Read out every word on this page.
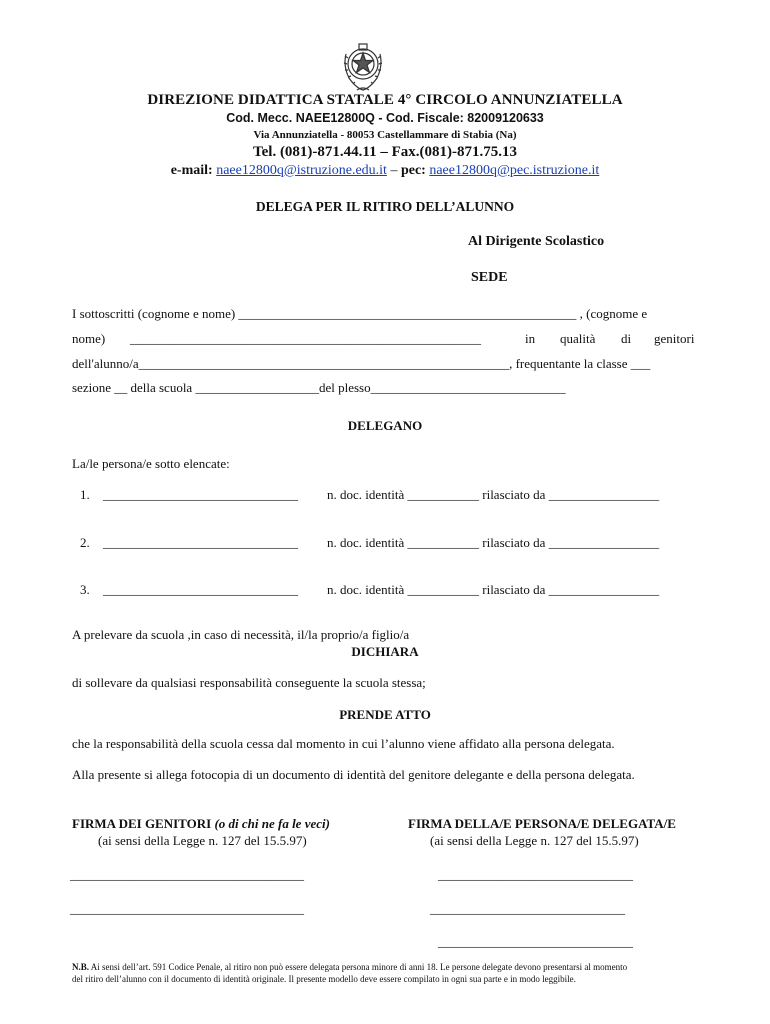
DIREZIONE DIDATTICA STATALE 4° CIRCOLO ANNUNZIATELLA
Cod. Mecc. NAEE12800Q - Cod. Fiscale: 82009120633
Via Annunziatella - 80053 Castellammare di Stabia (Na)
Tel. (081)-871.44.11 – Fax.(081)-871.75.13
e-mail: naee12800q@istruzione.edu.it – pec: naee12800q@pec.istruzione.it
DELEGA PER IL RITIRO DELL’ALUNNO
Al Dirigente Scolastico
SEDE
I sottoscritti (cognome e nome) ____________________________________________________ , (cognome e
nome) ______________________________________________________	in qualità di genitori
dell'alunno/a_________________________________________________________, frequentante la classe ___
sezione __ della scuola ___________________del plesso______________________________
DELEGANO
La/le persona/e sotto elencate:
1. ______________________________ n. doc. identità ___________ rilasciato da _________________
2. ______________________________ n. doc. identità ___________ rilasciato da _________________
3. ______________________________ n. doc. identità ___________ rilasciato da _________________
A prelevare da scuola ,in caso di necessità, il/la proprio/a figlio/a
DICHIARA
di sollevare da qualsiasi responsabilità conseguente la scuola stessa;
PRENDE ATTO
che la responsabilità della scuola cessa dal momento in cui l’alunno viene affidato alla persona delegata.
Alla presente si allega fotocopia di un documento di identità del genitore delegante e della persona delegata.
FIRMA DEI GENITORI (o di chi ne fa le veci)
(ai sensi della Legge n. 127 del 15.5.97)
FIRMA DELLA/E PERSONA/E DELEGATA/E
(ai sensi della Legge n. 127 del 15.5.97)
____________________________________
____________________________________
______________________________
______________________________
______________________________
N.B. Ai sensi dell’art. 591 Codice Penale, al ritiro non può essere delegata persona minore di anni 18. Le persone delegate devono presentarsi al momento
del ritiro dell’alunno con il documento di identità originale. Il presente modello deve essere compilato in ogni sua parte e in modo leggibile.
